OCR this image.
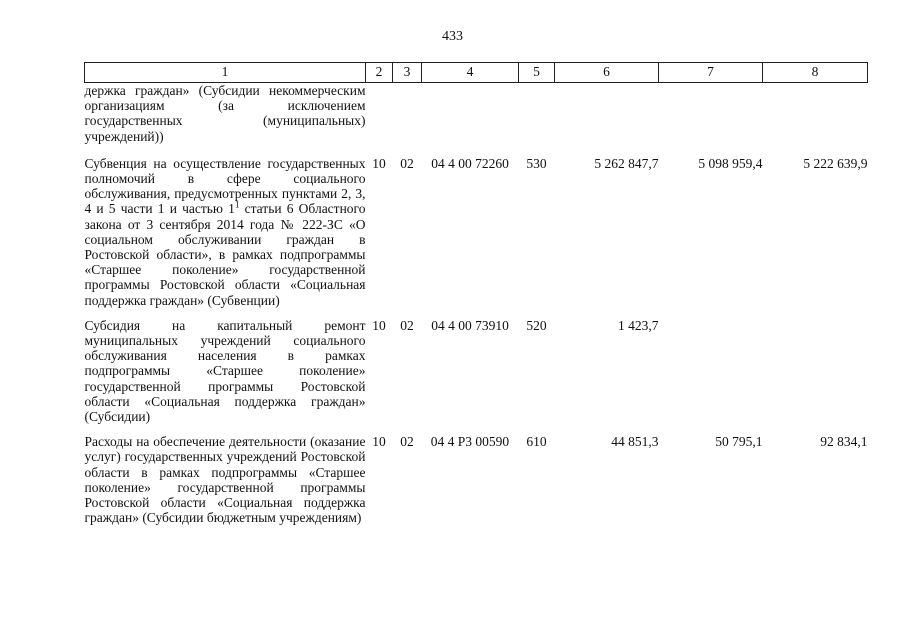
433
1	2	3	4	5	6	7	8
держка граждан» (Субсидии некоммерческим организациям (за исключением государственных (муниципальных) учреждений))							
Субвенция на осуществление государственных полномочий в сфере социального обслуживания, предусмотренных пунктами 2, 3, 4 и 5 части 1 и частью $1^1$ статьи 6 Областного закона от 3 сентября 2014 года № 222-ЗС «О социальном обслуживании граждан в Ростовской области», в рамках подпрограммы «Старшее поколение» государственной программы Ростовской области «Социальная поддержка граждан» (Субвенции)	10	02	04 4 00 72260	530	5 262 847,7	5 098 959,4	5 222 639,9
Субсидия на капитальный ремонт муниципальных учреждений социального обслуживания населения в рамках подпрограммы «Старшее поколение» государственной программы Ростовской области «Социальная поддержка граждан» (Субсидии)	10	02	04 4 00 73910	520	1 423,7		
Расходы на обеспечение деятельности (оказание услуг) государственных учреждений Ростовской области в рамках подпрограммы «Старшее поколение» государственной программы Ростовской области «Социальная поддержка граждан» (Субсидии бюджетным учреждениям)	10	02	04 4 Р3 00590	610	44 851,3	50 795,1	92 834,1
